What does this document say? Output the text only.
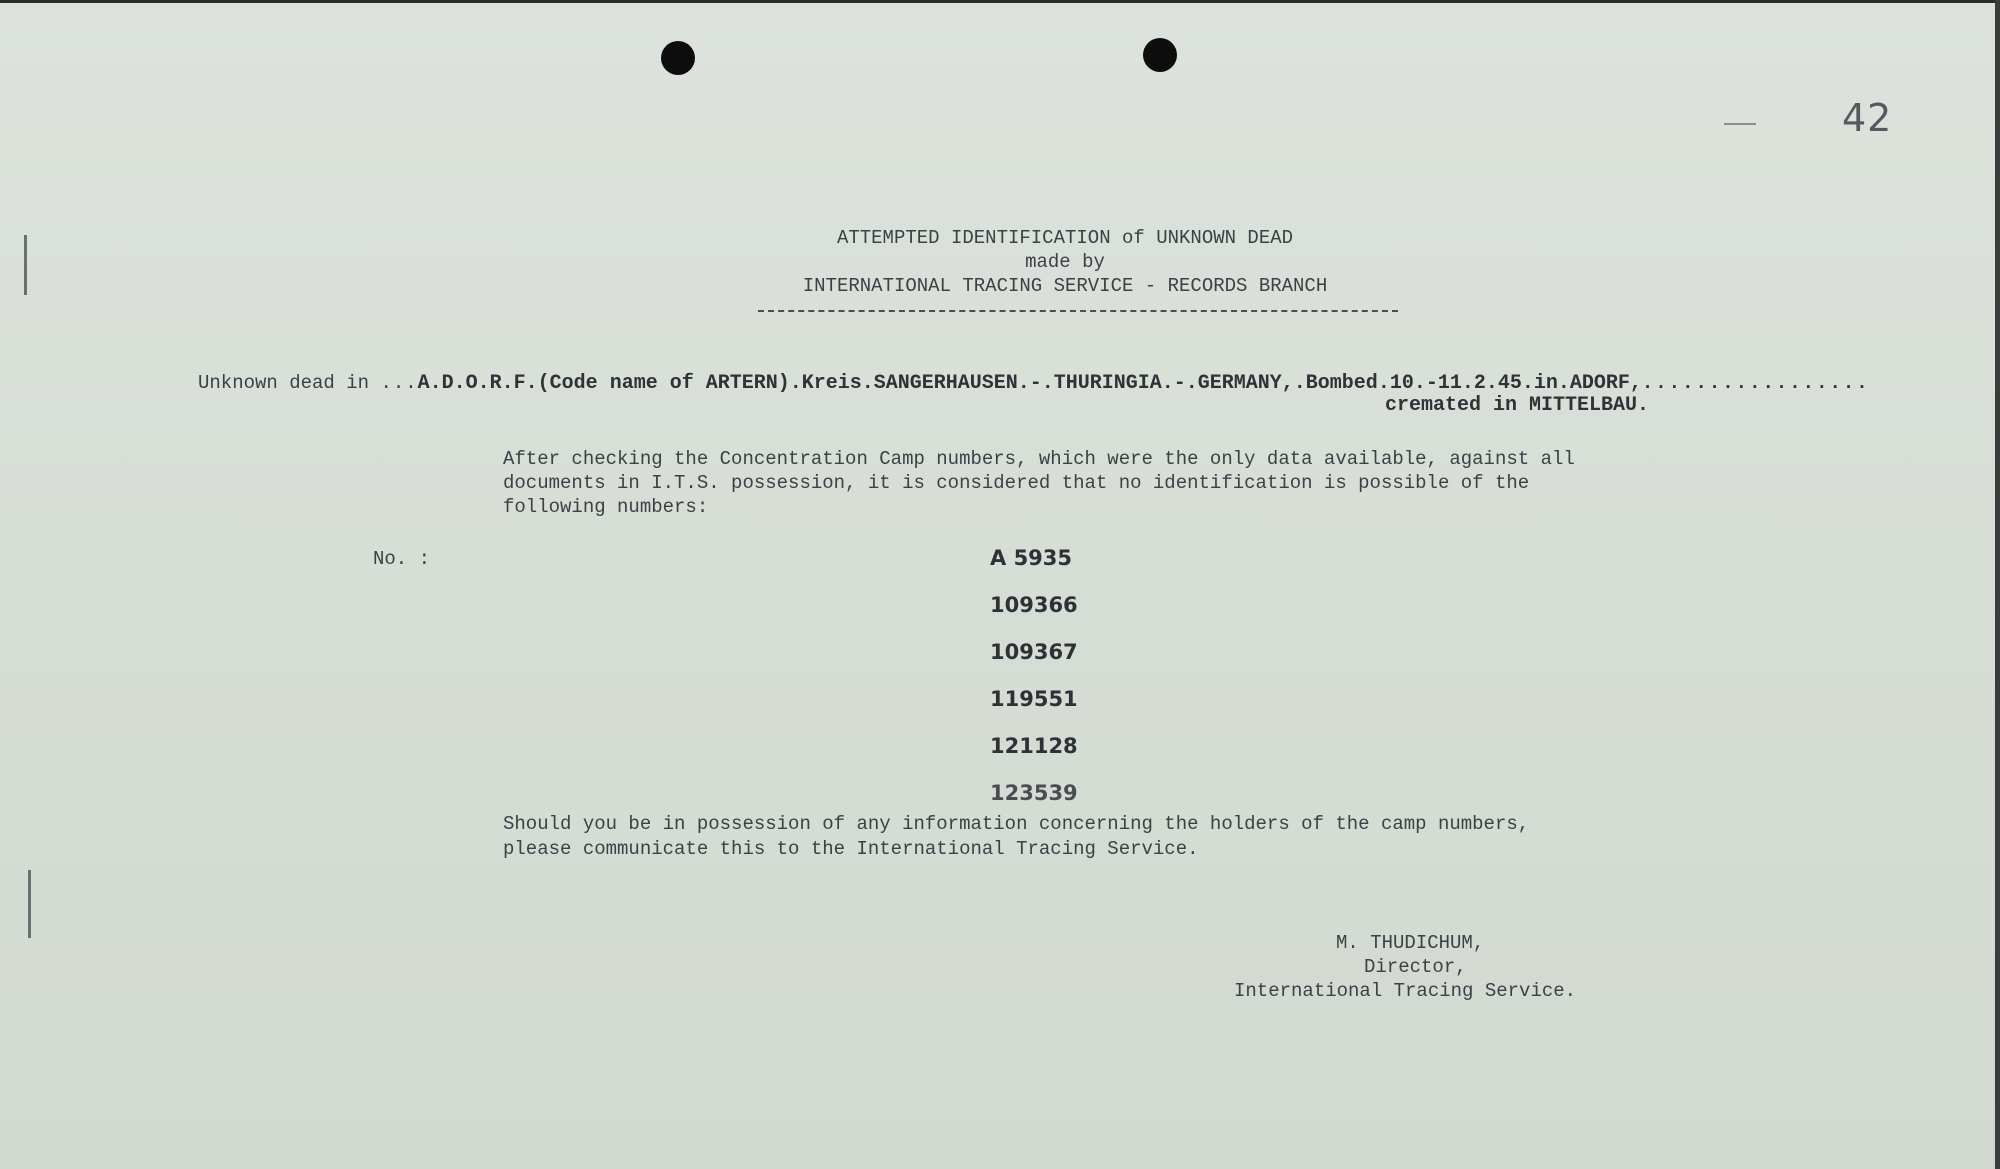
42
ATTEMPTED IDENTIFICATION of UNKNOWN DEAD
made by
INTERNATIONAL TRACING SERVICE - RECORDS BRANCH
Unknown dead in ...A.D.O.R.F.(Code name of ARTERN).Kreis.SANGERHAUSEN.-.THURINGIA.-.GERMANY,.Bombed.10.-11.2.45.in.ADORF,.................
cremated in MITTELBAU.
After checking the Concentration Camp numbers, which were the only data available, against all
documents in I.T.S. possession, it is considered that no identification is possible of the
following numbers:
No. :	A 5935
109366
109367
119551
121128
123539
Should you be in possession of any information concerning the holders of the camp numbers,
please communicate this to the International Tracing Service.
M. THUDICHUM,
Director,
International Tracing Service.
